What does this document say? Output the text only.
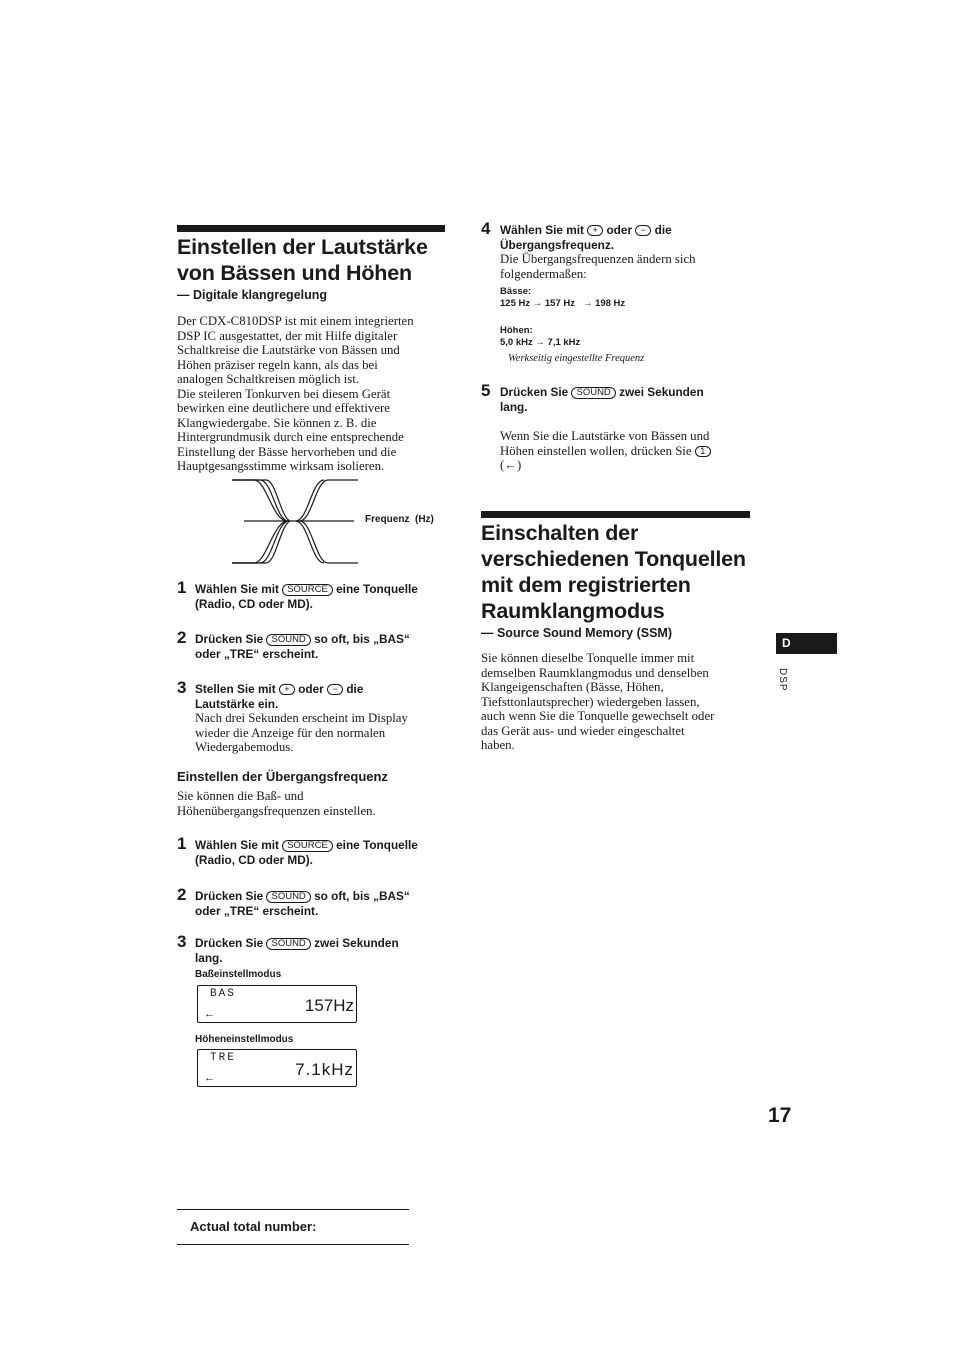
Einstellen der Lautstärke
von Bässen und Höhen
— Digitale klangregelung
Der CDX-C810DSP ist mit einem integrierten
DSP IC ausgestattet, der mit Hilfe digitaler
Schaltkreise die Lautstärke von Bässen und
Höhen präziser regeln kann, als das bei
analogen Schaltkreisen möglich ist.
Die steileren Tonkurven bei diesem Gerät
bewirken eine deutlichere und effektivere
Klangwiedergabe. Sie können z. B. die
Hintergrundmusik durch eine entsprechende
Einstellung der Bässe hervorheben und die
Hauptgesangsstimme wirksam isolieren.
Frequenz  (Hz)
1 Wählen Sie mit SOURCE eine Tonquelle
(Radio, CD oder MD).
2 Drücken Sie SOUND so oft, bis „BAS“
oder „TRE“ erscheint.
3 Stellen Sie mit + oder − die
Lautstärke ein.
Nach drei Sekunden erscheint im Display
wieder die Anzeige für den normalen
Wiedergabemodus.
Einstellen der Übergangsfrequenz
Sie können die Baß- und
Höhenübergangsfrequenzen einstellen.
1 Wählen Sie mit SOURCE eine Tonquelle
(Radio, CD oder MD).
2 Drücken Sie SOUND so oft, bis „BAS“
oder „TRE“ erscheint.
3 Drücken Sie SOUND zwei Sekunden
lang.
Baßeinstellmodus
BAS
157Hz
←
Höheneinstellmodus
TRE
7.1kHz
←
Actual total number:
4 Wählen Sie mit + oder − die
Übergangsfrequenz.
Die Übergangsfrequenzen ändern sich
folgendermaßen:
Bässe:
125 Hz → 157 Hz → 198 Hz
Höhen:
5,0 kHz → 7,1 kHz
Werkseitig eingestellte Frequenz
5 Drücken Sie SOUND zwei Sekunden
lang.
Wenn Sie die Lautstärke von Bässen und
Höhen einstellen wollen, drücken Sie 1
(←)
Einschalten der
verschiedenen Tonquellen
mit dem registrierten
Raumklangmodus
— Source Sound Memory (SSM)
Sie können dieselbe Tonquelle immer mit
demselben Raumklangmodus und denselben
Klangeigenschaften (Bässe, Höhen,
Tiefsttonlautsprecher) wiedergeben lassen,
auch wenn Sie die Tonquelle gewechselt oder
das Gerät aus- und wieder eingeschaltet
haben.
D
DSP
17
